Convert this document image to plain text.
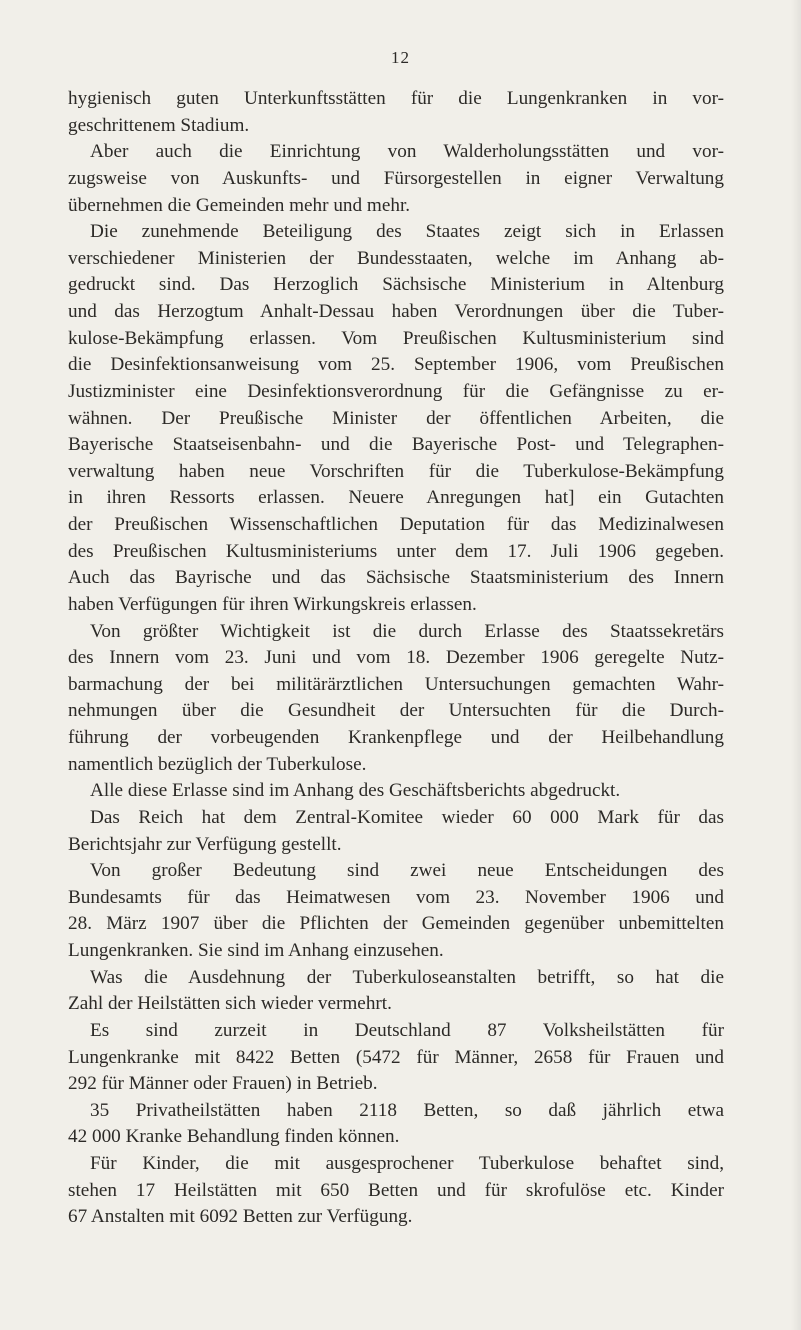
12
hygienisch guten Unterkunftsstätten für die Lungenkranken in vor-
geschrittenem Stadium.
Aber auch die Einrichtung von Walderholungsstätten und vor-
zugsweise von Auskunfts- und Fürsorgestellen in eigner Verwaltung
übernehmen die Gemeinden mehr und mehr.
Die zunehmende Beteiligung des Staates zeigt sich in Erlassen
verschiedener Ministerien der Bundesstaaten, welche im Anhang ab-
gedruckt sind. Das Herzoglich Sächsische Ministerium in Altenburg
und das Herzogtum Anhalt-Dessau haben Verordnungen über die Tuber-
kulose-Bekämpfung erlassen. Vom Preußischen Kultusministerium sind
die Desinfektionsanweisung vom 25. September 1906, vom Preußischen
Justizminister eine Desinfektionsverordnung für die Gefängnisse zu er-
wähnen. Der Preußische Minister der öffentlichen Arbeiten, die
Bayerische Staatseisenbahn- und die Bayerische Post- und Telegraphen-
verwaltung haben neue Vorschriften für die Tuberkulose-Bekämpfung
in ihren Ressorts erlassen. Neuere Anregungen hat] ein Gutachten
der Preußischen Wissenschaftlichen Deputation für das Medizinalwesen
des Preußischen Kultusministeriums unter dem 17. Juli 1906 gegeben.
Auch das Bayrische und das Sächsische Staatsministerium des Innern
haben Verfügungen für ihren Wirkungskreis erlassen.
Von größter Wichtigkeit ist die durch Erlasse des Staatssekretärs
des Innern vom 23. Juni und vom 18. Dezember 1906 geregelte Nutz-
barmachung der bei militärärztlichen Untersuchungen gemachten Wahr-
nehmungen über die Gesundheit der Untersuchten für die Durch-
führung der vorbeugenden Krankenpflege und der Heilbehandlung
namentlich bezüglich der Tuberkulose.
Alle diese Erlasse sind im Anhang des Geschäftsberichts abgedruckt.
Das Reich hat dem Zentral-Komitee wieder 60 000 Mark für das
Berichtsjahr zur Verfügung gestellt.
Von großer Bedeutung sind zwei neue Entscheidungen des
Bundesamts für das Heimatwesen vom 23. November 1906 und
28. März 1907 über die Pflichten der Gemeinden gegenüber unbemittelten
Lungenkranken. Sie sind im Anhang einzusehen.
Was die Ausdehnung der Tuberkuloseanstalten betrifft, so hat die
Zahl der Heilstätten sich wieder vermehrt.
Es sind zurzeit in Deutschland 87 Volksheilstätten für
Lungenkranke mit 8422 Betten (5472 für Männer, 2658 für Frauen und
292 für Männer oder Frauen) in Betrieb.
35 Privatheilstätten haben 2118 Betten, so daß jährlich etwa
42 000 Kranke Behandlung finden können.
Für Kinder, die mit ausgesprochener Tuberkulose behaftet sind,
stehen 17 Heilstätten mit 650 Betten und für skrofulöse etc. Kinder
67 Anstalten mit 6092 Betten zur Verfügung.
